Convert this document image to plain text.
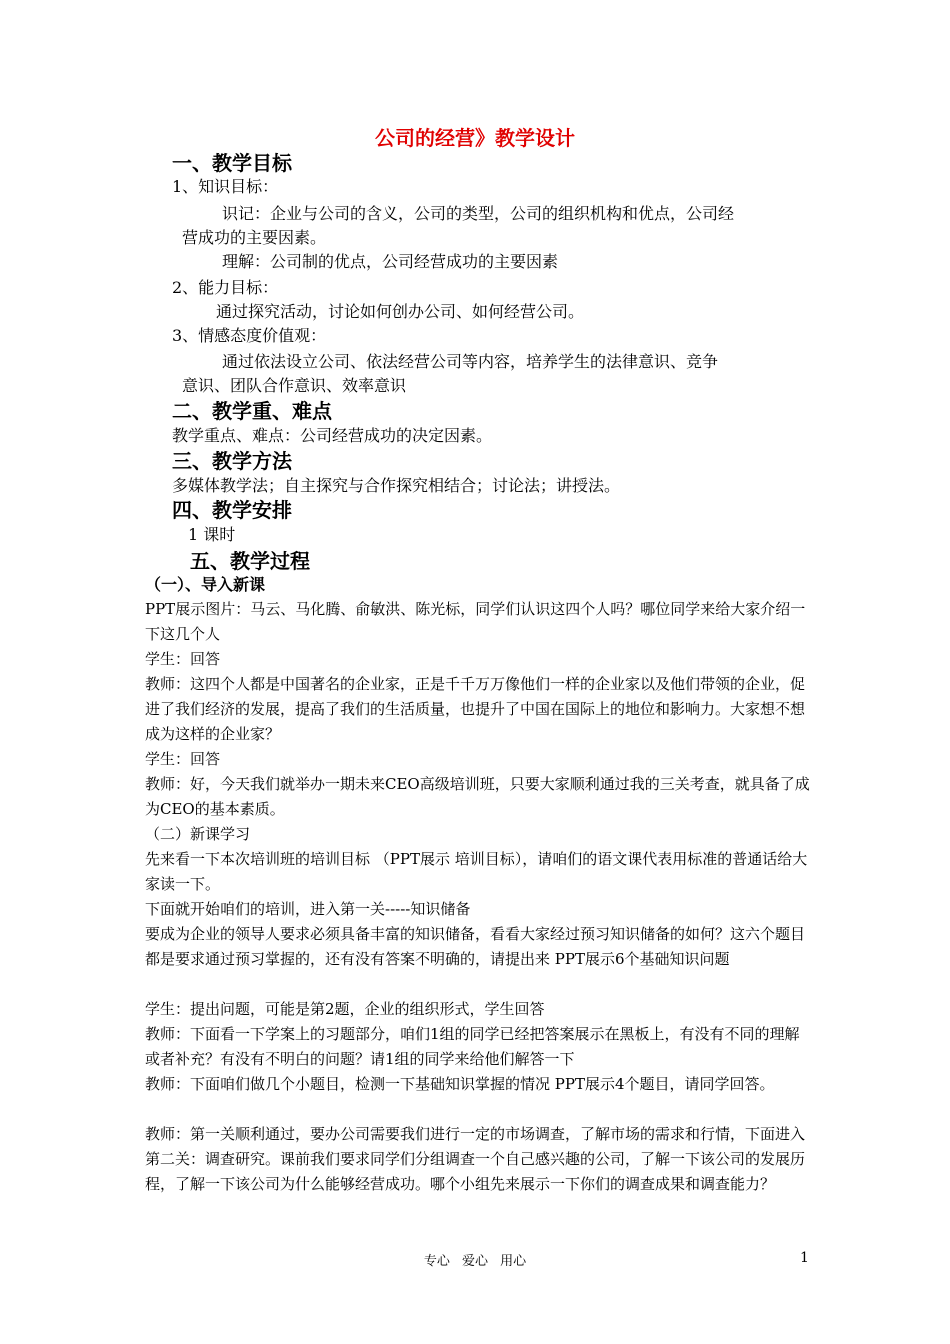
公司的经营》教学设计
一、教学目标
1、知识目标：
识记：企业与公司的含义，公司的类型，公司的组织机构和优点，公司经
营成功的主要因素。
理解：公司制的优点，公司经营成功的主要因素
2、能力目标：
通过探究活动，讨论如何创办公司、如何经营公司。
3、情感态度价值观：
通过依法设立公司、依法经营公司等内容，培养学生的法律意识、竞争
意识、团队合作意识、效率意识
二、教学重、难点
教学重点、难点：公司经营成功的决定因素。
三、教学方法
多媒体教学法；自主探究与合作探究相结合；讨论法；讲授法。
四、教学安排
1 课时
五、教学过程
（一）、导入新课
PPT展示图片：马云、马化腾、俞敏洪、陈光标，同学们认识这四个人吗？哪位同学来给大家介绍一下这几个人
学生：回答
教师：这四个人都是中国著名的企业家，正是千千万万像他们一样的企业家以及他们带领的企业，促进了我们经济的发展，提高了我们的生活质量，也提升了中国在国际上的地位和影响力。大家想不想成为这样的企业家？
学生：回答
教师：好，今天我们就举办一期未来CEO高级培训班，只要大家顺利通过我的三关考查，就具备了成为CEO的基本素质。
（二）新课学习
先来看一下本次培训班的培训目标 （PPT展示 培训目标），请咱们的语文课代表用标准的普通话给大家读一下。
下面就开始咱们的培训，进入第一关-----知识储备
要成为企业的领导人要求必须具备丰富的知识储备，看看大家经过预习知识储备的如何？这六个题目都是要求通过预习掌握的，还有没有答案不明确的，请提出来 PPT展示6个基础知识问题
学生：提出问题，可能是第2题，企业的组织形式，学生回答
教师：下面看一下学案上的习题部分，咱们1组的同学已经把答案展示在黑板上，有没有不同的理解或者补充？有没有不明白的问题？请1组的同学来给他们解答一下
教师：下面咱们做几个小题目，检测一下基础知识掌握的情况 PPT展示4个题目，请同学回答。
教师：第一关顺利通过，要办公司需要我们进行一定的市场调查，了解市场的需求和行情，下面进入第二关：调查研究。课前我们要求同学们分组调查一个自己感兴趣的公司，了解一下该公司的发展历程，了解一下该公司为什么能够经营成功。哪个小组先来展示一下你们的调查成果和调查能力？
专心 爱心 用心	1
